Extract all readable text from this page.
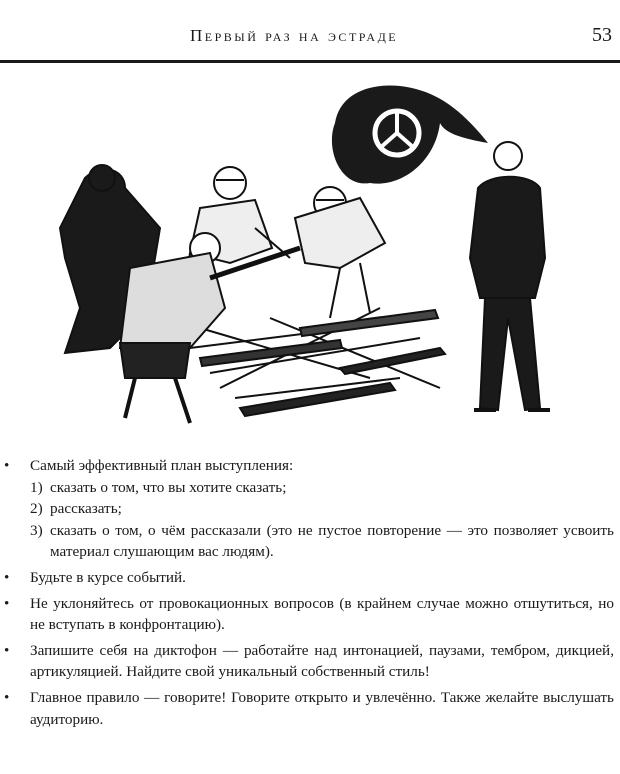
Первый раз на эстраде	53
• Самый эффективный план выступления:
1) сказать о том, что вы хотите сказать;
2) рассказать;
3) сказать о том, о чём рассказали (это не пустое повторение — это позволяет усвоить материал слушающим вас людям).
• Будьте в курсе событий.
• Не уклоняйтесь от провокационных вопросов (в крайнем случае можно отшутиться, но не вступать в конфронтацию).
• Запишите себя на диктофон — работайте над интонацией, паузами, тембром, дикцией, артикуляцией. Найдите свой уникальный собственный стиль!
• Главное правило — говорите! Говорите открыто и увлечённо. Также желайте выслушать аудиторию.
